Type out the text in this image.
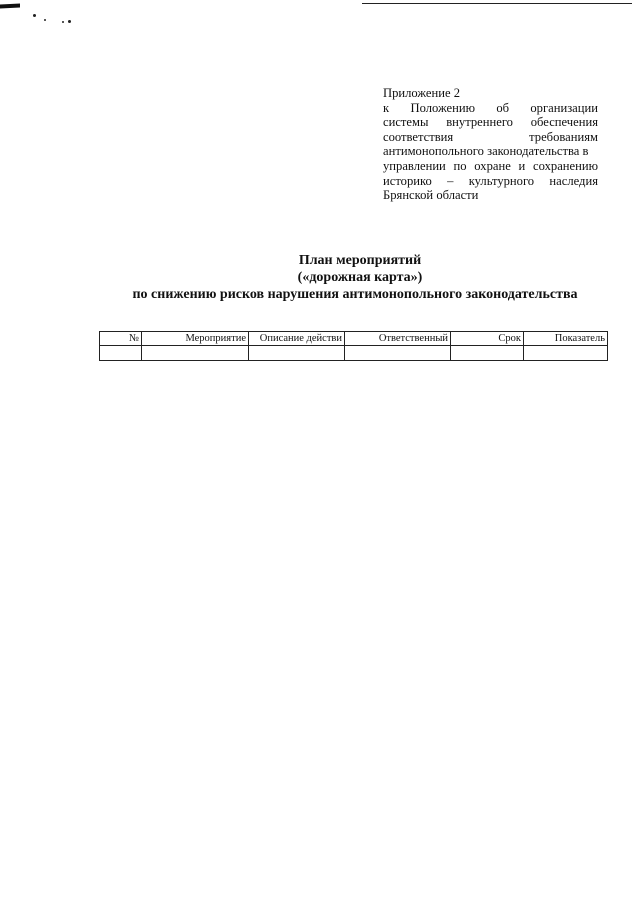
Приложение 2
к Положению об организации
системы внутреннего обеспечения
соответствия требованиям
антимонопольного законодательства в
управлении по охране и сохранению
историко – культурного наследия
Брянской области
План мероприятий
(«дорожная карта»)
по снижению рисков нарушения антимонопольного законодательства
№	Мероприятие	Описание действи	Ответственный	Срок	Показатель
